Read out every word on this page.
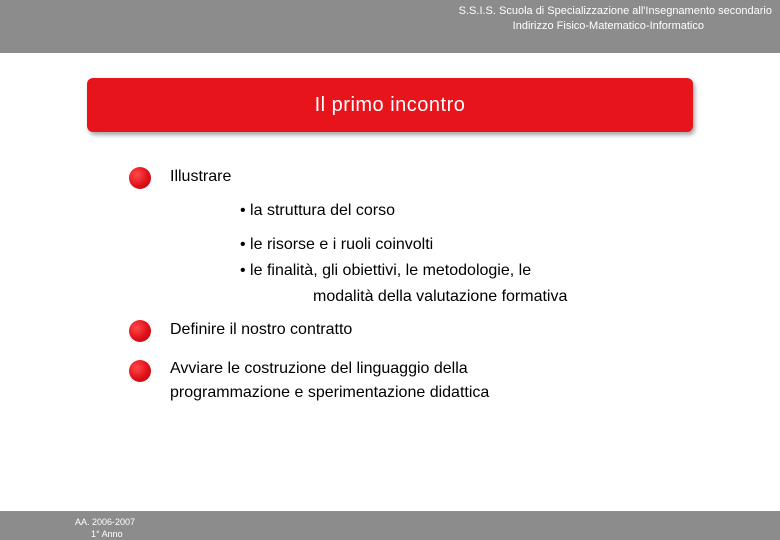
S.S.I.S. Scuola di Specializzazione all'Insegnamento secondario
Indirizzo Fisico-Matematico-Informatico
Il primo incontro
Illustrare
• la struttura del corso
• le risorse e i ruoli coinvolti
• le finalità, gli obiettivi, le metodologie, le
modalità della valutazione formativa
Definire il nostro contratto
Avviare le costruzione del linguaggio della
programmazione e sperimentazione didattica
AA. 2006-2007
1° Anno
